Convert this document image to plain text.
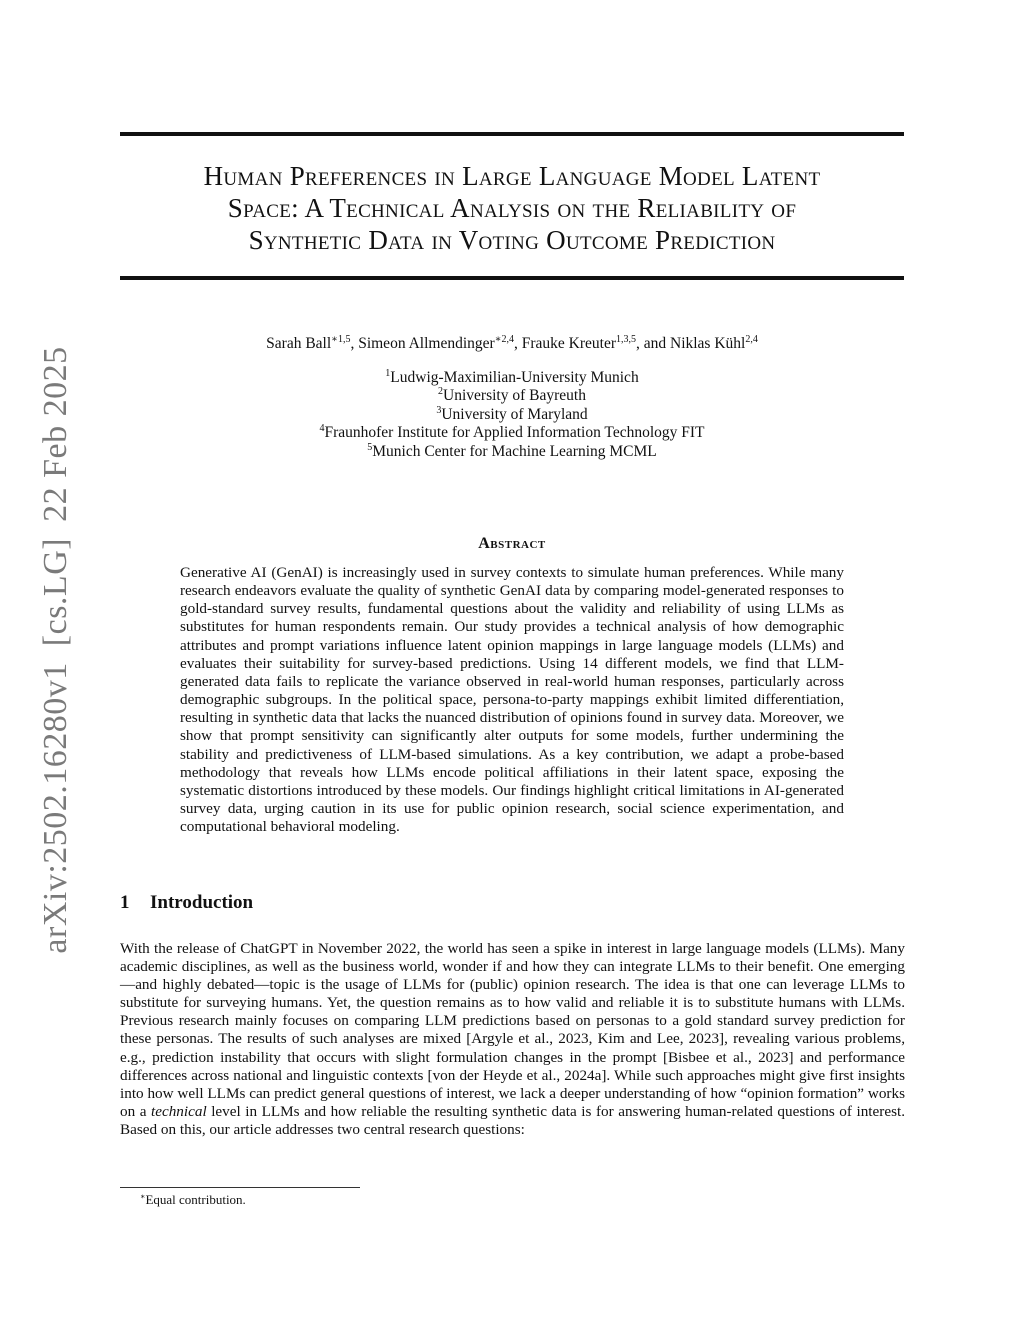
arXiv:2502.16280v1[cs.LG]22 Feb 2025
Human Preferences in Large Language Model Latent
Space: A Technical Analysis on the Reliability of
Synthetic Data in Voting Outcome Prediction
Sarah Ball$^{∗1,5}$, Simeon Allmendinger$^{∗2,4}$, Frauke Kreuter$^{1,3,5}$, and Niklas Kühl$^{2,4}$
$^1$Ludwig-Maximilian-University Munich
$^2$University of Bayreuth
$^3$University of Maryland
$^4$Fraunhofer Institute for Applied Information Technology FIT
$^5$Munich Center for Machine Learning MCML
Abstract

Generative AI (GenAI) is increasingly used in survey contexts to simulate human preferences. While many research endeavors evaluate the quality of synthetic GenAI data by comparing model-generated responses to gold-standard survey results, fundamental questions about the validity and reliability of using LLMs as substitutes for human respondents remain. Our study provides a technical analysis of how demographic attributes and prompt variations influence latent opinion mappings in large language models (LLMs) and evaluates their suitability for survey-based predictions. Using 14 different models, we find that LLM-generated data fails to replicate the variance observed in real-world human responses, particularly across demographic subgroups. In the political space, persona-to-party mappings exhibit limited differentiation, resulting in synthetic data that lacks the nuanced distribution of opinions found in survey data. Moreover, we show that prompt sensitivity can significantly alter outputs for some models, further undermining the stability and predictiveness of LLM-based simulations. As a key contribution, we adapt a probe-based methodology that reveals how LLMs encode political affiliations in their latent space, exposing the systematic distortions introduced by these models. Our findings highlight critical limitations in AI-generated survey data, urging caution in its use for public opinion research, social science experimentation, and computational behavioral modeling.

1 Introduction

With the release of ChatGPT in November 2022, the world has seen a spike in interest in large language models (LLMs). Many academic disciplines, as well as the business world, wonder if and how they can integrate LLMs to their benefit. One emerging—and highly debated—topic is the usage of LLMs for (public) opinion research. The idea is that one can leverage LLMs to substitute for surveying humans. Yet, the question remains as to how valid and reliable it is to substitute humans with LLMs. Previous research mainly focuses on comparing LLM predictions based on personas to a gold standard survey prediction for these personas. The results of such analyses are mixed [Argyle et al., 2023, Kim and Lee, 2023], revealing various problems, e.g., prediction instability that occurs with slight formulation changes in the prompt [Bisbee et al., 2023] and performance differences across national and linguistic contexts [von der Heyde et al., 2024a]. While such approaches might give first insights into how well LLMs can predict general questions of interest, we lack a deeper understanding of how “opinion formation” works on a technical level in LLMs and how reliable the resulting synthetic data is for answering human-related questions of interest. Based on this, our article addresses two central research questions:

∗Equal contribution.
